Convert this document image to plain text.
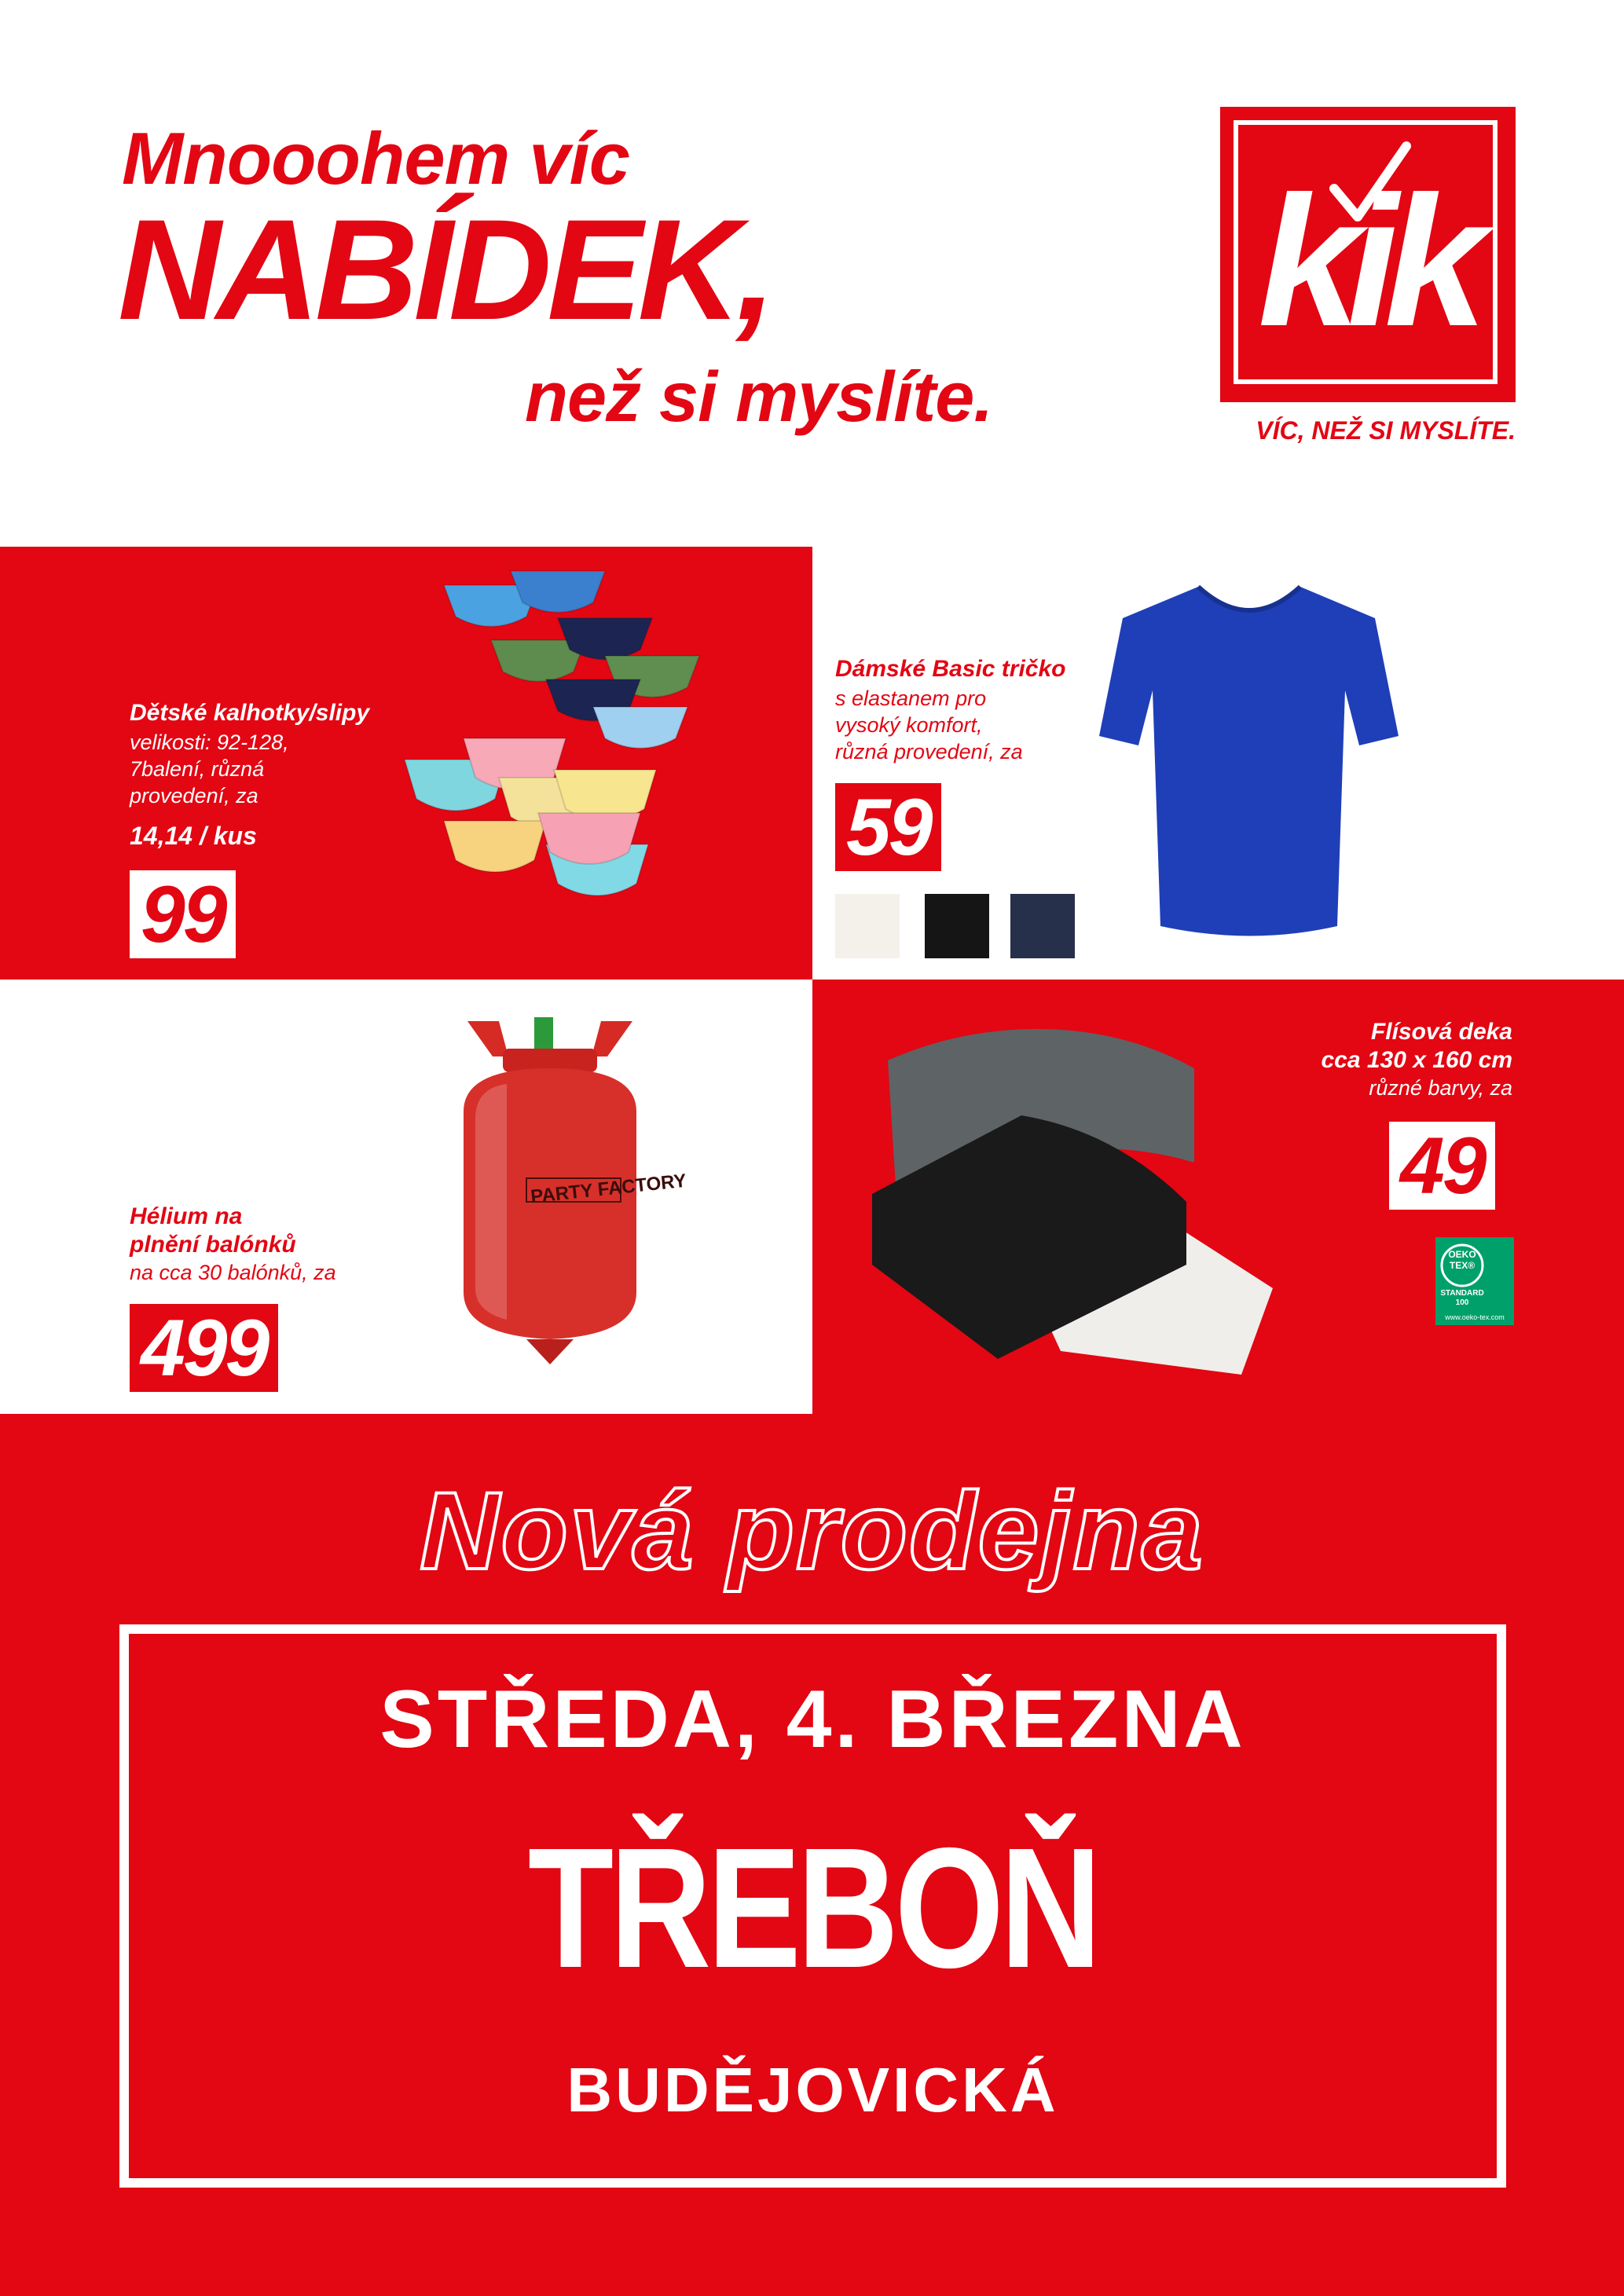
Mnooohem víc
NABÍDEK,
než si myslíte.
kik
VÍC, NEŽ SI MYSLÍTE.
Dětské kalhotky/slipy
velikosti: 92-128,
7balení, různá
provedení, za
14,14 / kus
99
Dámské Basic tričko
s elastanem pro
vysoký komfort,
různá provedení, za
59
Hélium na
plnění balónků
na cca 30 balónků, za
499
PARTY FACTORY
Flísová deka
cca 130 x 160 cm
různé barvy, za
49
OEKO
TEX®
STANDARD
100
www.oeko-tex.com
Nová prodejna
STŘEDA, 4. BŘEZNA
TŘEBOŇ
BUDĚJOVICKÁ
